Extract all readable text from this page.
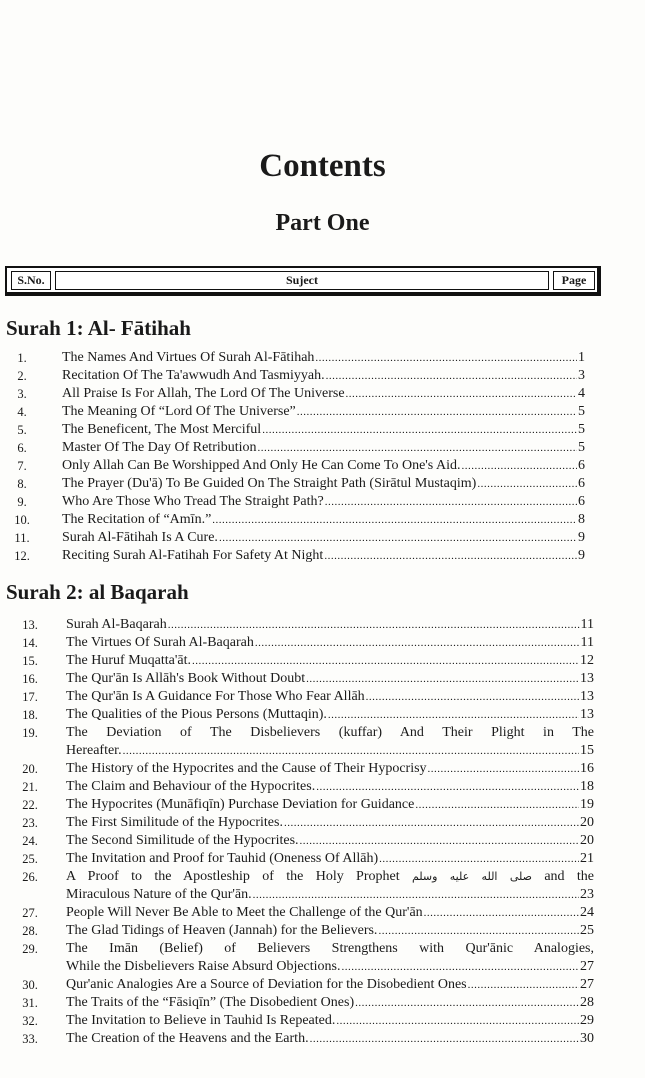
Contents
Part One
S.No.	Suject	Page
Surah 1: Al- Fātihah
1.	The Names And Virtues Of Surah Al-Fātihah .....	1
2.	Recitation Of The Ta'awwudh And Tasmiyyah. .....	3
3.	All Praise Is For Allah, The Lord Of The Universe .....	4
4.	The Meaning Of “Lord Of The Universe” .....	5
5.	The Beneficent, The Most Merciful .....	5
6.	Master Of The Day Of Retribution .....	5
7.	Only Allah Can Be Worshipped And Only He Can Come To One's Aid. .....	6
8.	The Prayer (Du'ā) To Be Guided On The Straight Path (Sirātul Mustaqim) .....	6
9.	Who Are Those Who Tread The Straight Path? .....	6
10.	The Recitation of “Amīn.” .....	8
11.	Surah Al-Fātihah Is A Cure. .....	9
12.	Reciting Surah Al-Fatihah For Safety At Night .....	9
Surah 2: al Baqarah
13.	Surah Al-Baqarah .....	11
14.	The Virtues Of Surah Al-Baqarah .....	11
15.	The Huruf Muqatta'āt. .....	12
16.	The Qur'ān Is Allāh's Book Without Doubt .....	13
17.	The Qur'ān Is A Guidance For Those Who Fear Allāh .....	13
18.	The Qualities of the Pious Persons (Muttaqin). .....	13
19.	The Deviation of The Disbelievers (kuffar) And Their Plight in The
Hereafter. .....	15
20.	The History of the Hypocrites and the Cause of Their Hypocrisy .....	16
21.	The Claim and Behaviour of the Hypocrites. .....	18
22.	The Hypocrites (Munāfiqīn) Purchase Deviation for Guidance .....	19
23.	The First Similitude of the Hypocrites. .....	20
24.	The Second Similitude of the Hypocrites. .....	20
25.	The Invitation and Proof for Tauhid (Oneness Of Allāh) .....	21
26.	A Proof to the Apostleship of the Holy Prophet صلى الله عليه وسلم and the
Miraculous Nature of the Qur'ān. .....	23
27.	People Will Never Be Able to Meet the Challenge of the Qur'ān .....	24
28.	The Glad Tidings of Heaven (Jannah) for the Believers. .....	25
29.	The Imān (Belief) of Believers Strengthens with Qur'ānic Analogies,
While the Disbelievers Raise Absurd Objections. .....	27
30.	Qur'anic Analogies Are a Source of Deviation for the Disobedient Ones .....	27
31.	The Traits of the “Fāsiqīn” (The Disobedient Ones) .....	28
32.	The Invitation to Believe in Tauhid Is Repeated. .....	29
33.	The Creation of the Heavens and the Earth. .....	30
